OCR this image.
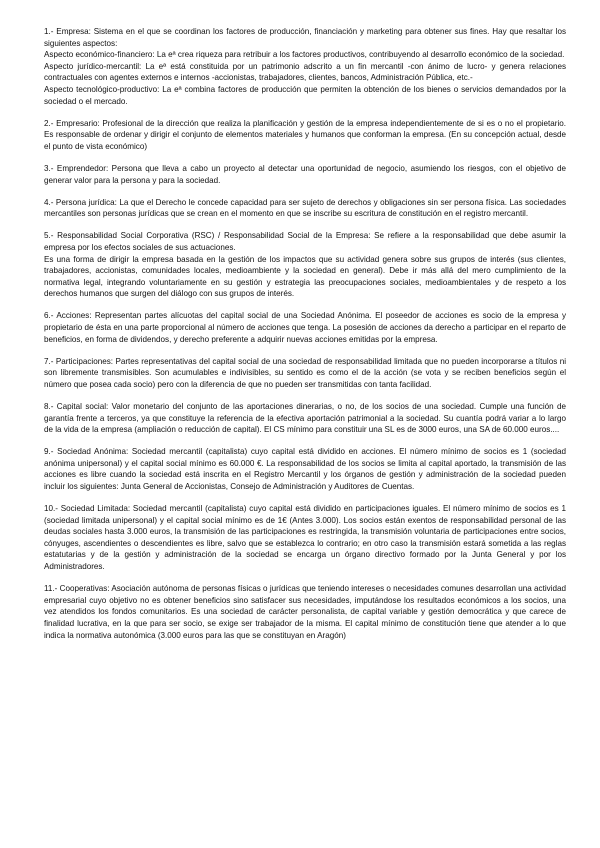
1.- Empresa: Sistema en el que se coordinan los factores de producción, financiación y marketing para obtener sus fines. Hay que resaltar los siguientes aspectos:

Aspecto económico-financiero: La eª crea riqueza para retribuir a los factores productivos, contribuyendo al desarrollo económico de la sociedad.

Aspecto jurídico-mercantil: La eª está constituida por un patrimonio adscrito a un fin mercantil -con ánimo de lucro- y genera relaciones contractuales con agentes externos e internos -accionistas, trabajadores, clientes, bancos, Administración Pública, etc.-

Aspecto tecnológico-productivo: La eª combina factores de producción que permiten la obtención de los bienes o servicios demandados por la sociedad o el mercado.

2.- Empresario: Profesional de la dirección que realiza la planificación y gestión de la empresa independientemente de si es o no el propietario. Es responsable de ordenar y dirigir el conjunto de elementos materiales y humanos que conforman la empresa. (En su concepción actual, desde el punto de vista económico)

3.- Emprendedor: Persona que lleva a cabo un proyecto al detectar una oportunidad de negocio, asumiendo los riesgos, con el objetivo de generar valor para la persona y para la sociedad.

4.- Persona jurídica: La que el Derecho le concede capacidad para ser sujeto de derechos y obligaciones sin ser persona física. Las sociedades mercantiles son personas jurídicas que se crean en el momento en que se inscribe su escritura de constitución en el registro mercantil.

5.- Responsabilidad Social Corporativa (RSC) / Responsabilidad Social de la Empresa: Se refiere a la responsabilidad que debe asumir la empresa por los efectos sociales de sus actuaciones.

Es una forma de dirigir la empresa basada en la gestión de los impactos que su actividad genera sobre sus grupos de interés (sus clientes, trabajadores, accionistas, comunidades locales, medioambiente y la sociedad en general). Debe ir más allá del mero cumplimiento de la normativa legal, integrando voluntariamente en su gestión y estrategia las preocupaciones sociales, medioambientales y de respeto a los derechos humanos que surgen del diálogo con sus grupos de interés.

6.- Acciones: Representan partes alícuotas del capital social de una Sociedad Anónima. El poseedor de acciones es socio de la empresa y propietario de ésta en una parte proporcional al número de acciones que tenga. La posesión de acciones da derecho a participar en el reparto de beneficios, en forma de dividendos, y derecho preferente a adquirir nuevas acciones emitidas por la empresa.

7.- Participaciones: Partes representativas del capital social de una sociedad de responsabilidad limitada que no pueden incorporarse a títulos ni son libremente transmisibles. Son acumulables e indivisibles, su sentido es como el de la acción (se vota y se reciben beneficios según el número que posea cada socio) pero con la diferencia de que no pueden ser transmitidas con tanta facilidad.

8.- Capital social: Valor monetario del conjunto de las aportaciones dinerarias, o no, de los socios de una sociedad. Cumple una función de garantía frente a terceros, ya que constituye la referencia de la efectiva aportación patrimonial a la sociedad. Su cuantía podrá variar a lo largo de la vida de la empresa (ampliación o reducción de capital). El CS mínimo para constituir una SL es de 3000 euros, una SA de 60.000 euros....

9.- Sociedad Anónima: Sociedad mercantil (capitalista) cuyo capital está dividido en acciones. El número mínimo de socios es 1 (sociedad anónima unipersonal) y el capital social mínimo es 60.000 €. La responsabilidad de los socios se limita al capital aportado, la transmisión de las acciones es libre cuando la sociedad está inscrita en el Registro Mercantil y los órganos de gestión y administración de la sociedad pueden incluir los siguientes: Junta General de Accionistas, Consejo de Administración y Auditores de Cuentas.

10.- Sociedad Limitada: Sociedad mercantil (capitalista) cuyo capital está dividido en participaciones iguales. El número mínimo de socios es 1 (sociedad limitada unipersonal) y el capital social mínimo es de 1€ (Antes 3.000). Los socios están exentos de responsabilidad personal de las deudas sociales hasta 3.000 euros, la transmisión de las participaciones es restringida, la transmisión voluntaria de participaciones entre socios, cónyuges, ascendientes o descendientes es libre, salvo que se establezca lo contrario; en otro caso la transmisión estará sometida a las reglas estatutarias y de la gestión y administración de la sociedad se encarga un órgano directivo formado por la Junta General y por los Administradores.

11.- Cooperativas: Asociación autónoma de personas físicas o jurídicas que teniendo intereses o necesidades comunes desarrollan una actividad empresarial cuyo objetivo no es obtener beneficios sino satisfacer sus necesidades, imputándose los resultados económicos a los socios, una vez atendidos los fondos comunitarios. Es una sociedad de carácter personalista, de capital variable y gestión democrática y que carece de finalidad lucrativa, en la que para ser socio, se exige ser trabajador de la misma. El capital mínimo de constitución tiene que atender a lo que indica la normativa autonómica (3.000 euros para las que se constituyan en Aragón)
